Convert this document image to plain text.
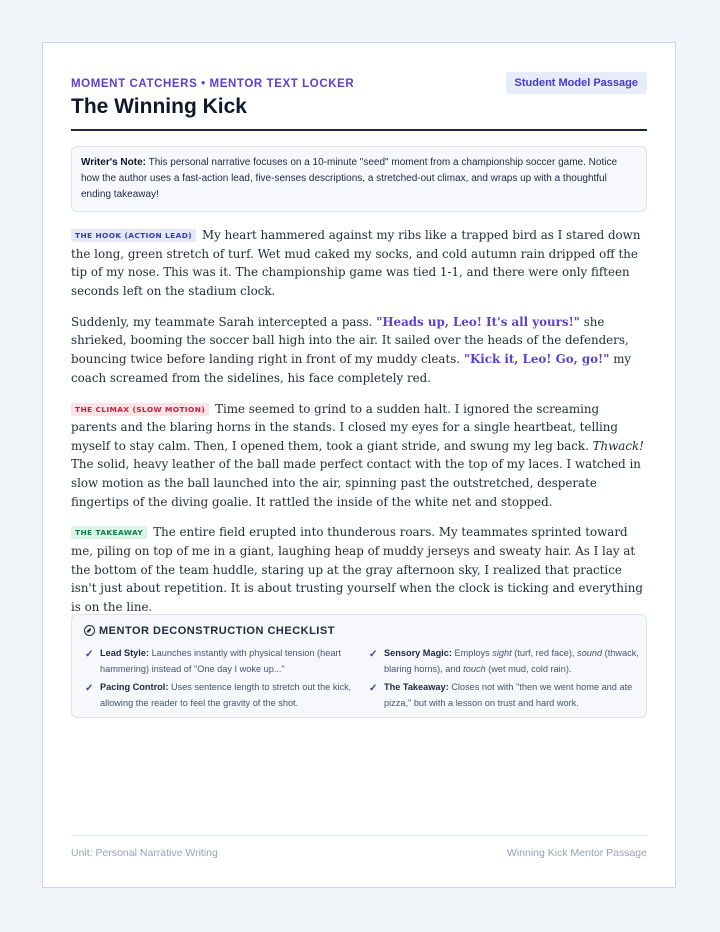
MOMENT CATCHERS • MENTOR TEXT LOCKER	Student Model Passage
The Winning Kick
Writer's Note: This personal narrative focuses on a 10-minute "seed" moment from a championship soccer game. Notice how the author uses a fast-action lead, five-senses descriptions, a stretched-out climax, and wraps up with a thoughtful ending takeaway!

THE HOOK (ACTION LEAD) My heart hammered against my ribs like a trapped bird as I stared down the long, green stretch of turf. Wet mud caked my socks, and cold autumn rain dripped off the tip of my nose. This was it. The championship game was tied 1-1, and there were only fifteen seconds left on the stadium clock.

Suddenly, my teammate Sarah intercepted a pass. "Heads up, Leo! It's all yours!" she shrieked, booming the soccer ball high into the air. It sailed over the heads of the defenders, bouncing twice before landing right in front of my muddy cleats. "Kick it, Leo! Go, go!" my coach screamed from the sidelines, his face completely red.

THE CLIMAX (SLOW MOTION) Time seemed to grind to a sudden halt. I ignored the screaming parents and the blaring horns in the stands. I closed my eyes for a single heartbeat, telling myself to stay calm. Then, I opened them, took a giant stride, and swung my leg back. Thwack! The solid, heavy leather of the ball made perfect contact with the top of my laces. I watched in slow motion as the ball launched into the air, spinning past the outstretched, desperate fingertips of the diving goalie. It rattled the inside of the white net and stopped.

THE TAKEAWAY The entire field erupted into thunderous roars. My teammates sprinted toward me, piling on top of me in a giant, laughing heap of muddy jerseys and sweaty hair. As I lay at the bottom of the team huddle, staring up at the gray afternoon sky, I realized that practice isn't just about repetition. It is about trusting yourself when the clock is ticking and everything is on the line.

MENTOR DECONSTRUCTION CHECKLIST
✓ Lead Style: Launches instantly with physical tension (heart hammering) instead of "One day I woke up..."
✓ Sensory Magic: Employs sight (turf, red face), sound (thwack, blaring horns), and touch (wet mud, cold rain).
✓ Pacing Control: Uses sentence length to stretch out the kick, allowing the reader to feel the gravity of the shot.
✓ The Takeaway: Closes not with "then we went home and ate pizza," but with a lesson on trust and hard work.
Unit: Personal Narrative Writing	Winning Kick Mentor Passage
